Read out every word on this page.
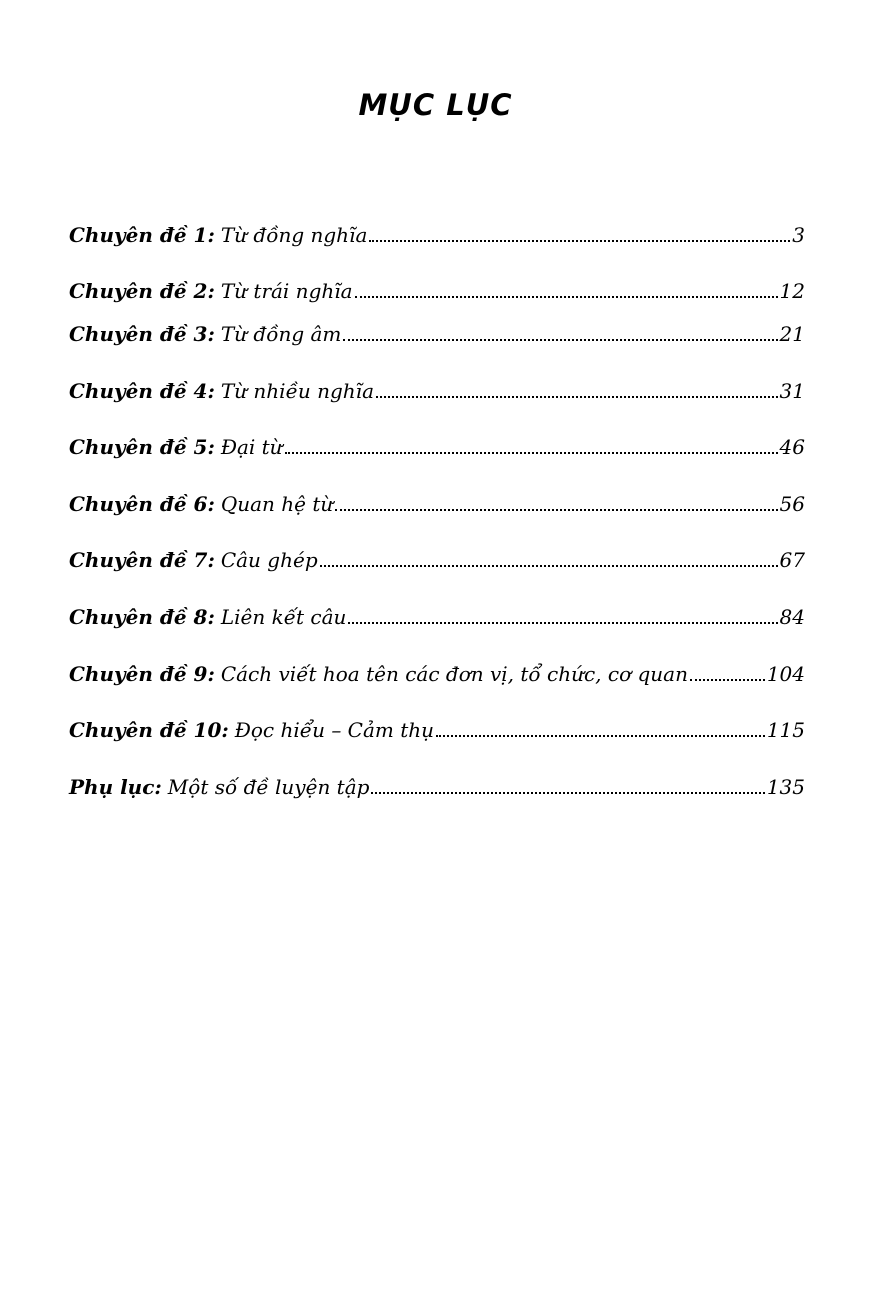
MỤC LỤC
Chuyên đề 1: Từ đồng nghĩa	3
Chuyên đề 2: Từ trái nghĩa	12
Chuyên đề 3: Từ đồng âm	21
Chuyên đề 4: Từ nhiều nghĩa	31
Chuyên đề 5: Đại từ	46
Chuyên đề 6: Quan hệ từ	56
Chuyên đề 7: Câu ghép	67
Chuyên đề 8: Liên kết câu	84
Chuyên đề 9: Cách viết hoa tên các đơn vị, tổ chức, cơ quan	104
Chuyên đề 10: Đọc hiểu – Cảm thụ	115
Phụ lục: Một số đề luyện tập	135
